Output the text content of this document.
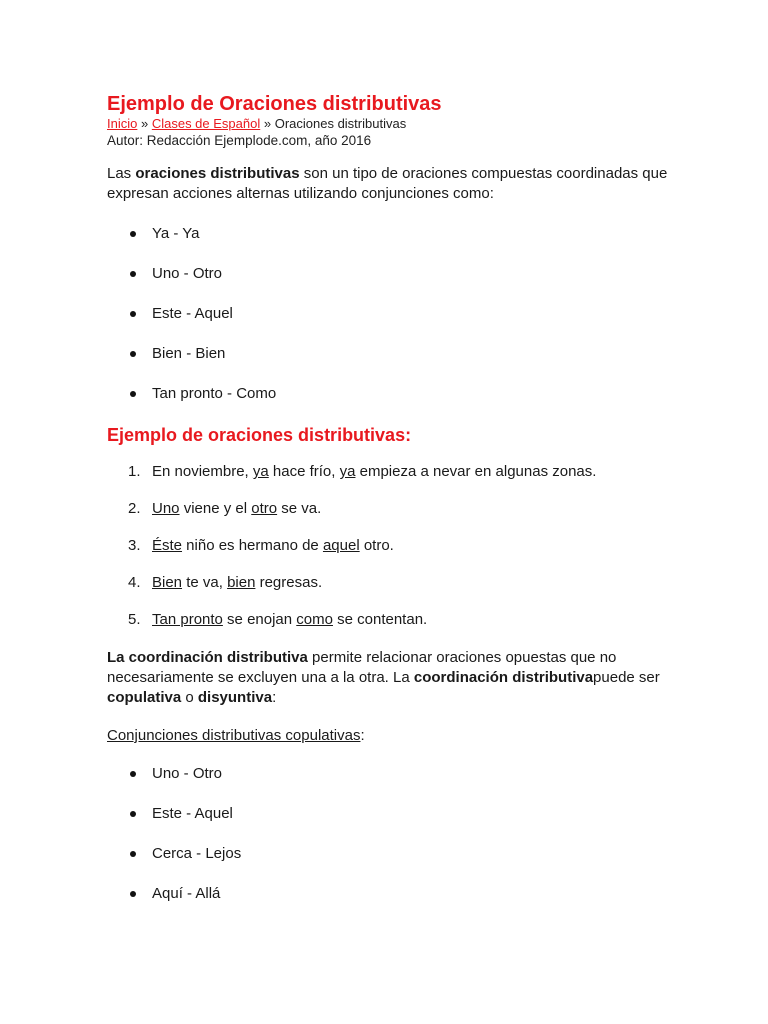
Ejemplo de Oraciones distributivas
Inicio » Clases de Español » Oraciones distributivas
Autor: Redacción Ejemplode.com, año 2016

Las oraciones distributivas son un tipo de oraciones compuestas coordinadas que expresan acciones alternas utilizando conjunciones como:

Ya - Ya
Uno - Otro
Este - Aquel
Bien - Bien
Tan pronto - Como
Ejemplo de oraciones distributivas:
1. En noviembre, ya hace frío, ya empieza a nevar en algunas zonas.
2. Uno viene y el otro se va.
3. Éste niño es hermano de aquel otro.
4. Bien te va, bien regresas.
5. Tan pronto se enojan como se contentan.

La coordinación distributiva permite relacionar oraciones opuestas que no necesariamente se excluyen una a la otra. La coordinación distributivapuede ser copulativa o disyuntiva:

Conjunciones distributivas copulativas:

Uno - Otro
Este - Aquel
Cerca - Lejos
Aquí - Allá
